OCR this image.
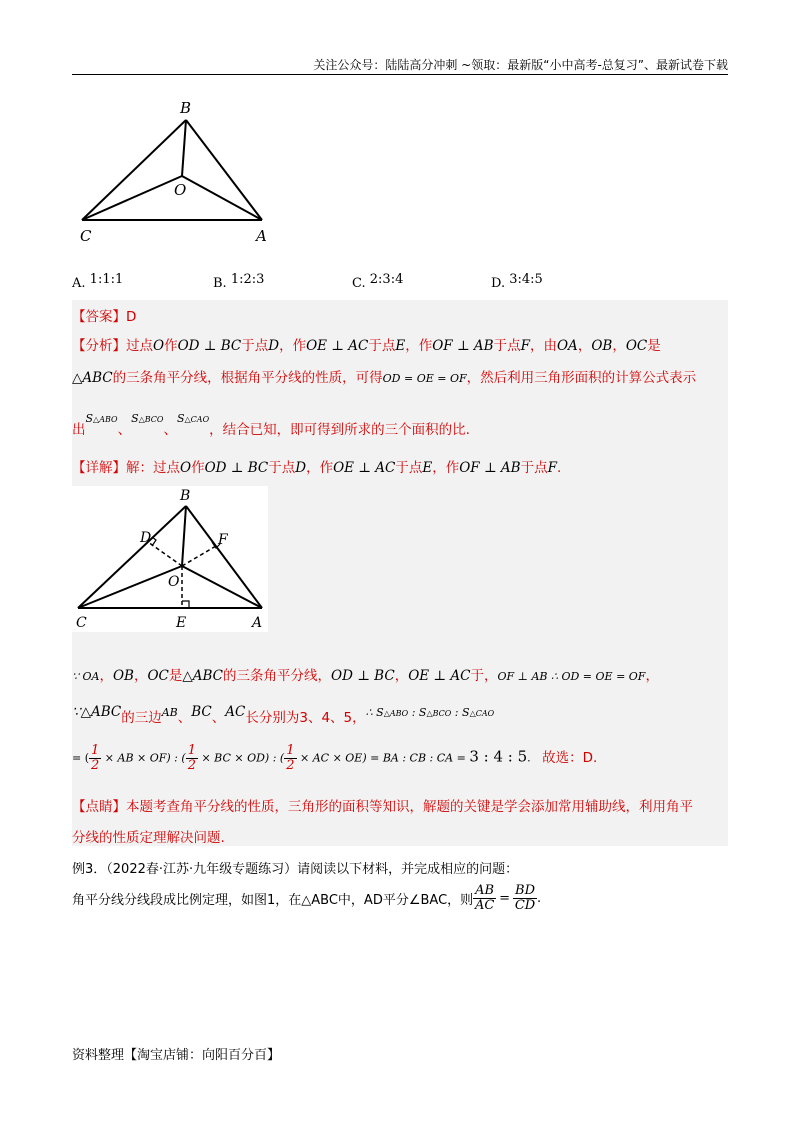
关注公众号：陆陆高分冲刺 ~领取：最新版“小中高考-总复习”、最新试卷下载
B
O
C	A
A. 1:1:1	B. 1:2:3	C. 2:3:4	D. 3:4:5
【答案】D
【分析】过点O作OD ⊥ BC于点D，作OE ⊥ AC于点E，作OF ⊥ AB于点F，由OA，OB，OC是
△ABC的三条角平分线，根据角平分线的性质，可得OD = OE = OF，然后利用三角形面积的计算公式表示
出$^{S\triangle ABO}$、$^{S\triangle BCO}$、$^{S\triangle CAO}$，结合已知，即可得到所求的三个面积的比.
【详解】解：过点O作OD ⊥ BC于点D，作OE ⊥ AC于点E，作OF ⊥ AB于点F.
B
D	F
O
C	E	A
∵ OA，OB，OC是△ABC的三条角平分线，OD ⊥ BC，OE ⊥ AC于，OF ⊥ AB ∴ OD = OE = OF，
∵△ABC的三边AB、BC、AC长分别为3、4、5，∴ S△ABO : S△BCO : S△CAO
= ( $\frac{1}{2}$ × AB × OF) : ( $\frac{1}{2}$ × BC × OD) : ( $\frac{1}{2}$ × AC × OE) = BA : CB : CA = 3 : 4 : 5. 故选：D.
【点睛】本题考查角平分线的性质，三角形的面积等知识，解题的关键是学会添加常用辅助线，利用角平
分线的性质定理解决问题.
例3．（2022春·江苏·九年级专题练习）请阅读以下材料，并完成相应的问题：
角平分线分线段成比例定理，如图1，在△ABC中，AD平分∠BAC，则 $\frac{AB}{AC} = \frac{BD}{CD}$ .
资料整理【淘宝店铺：向阳百分百】
